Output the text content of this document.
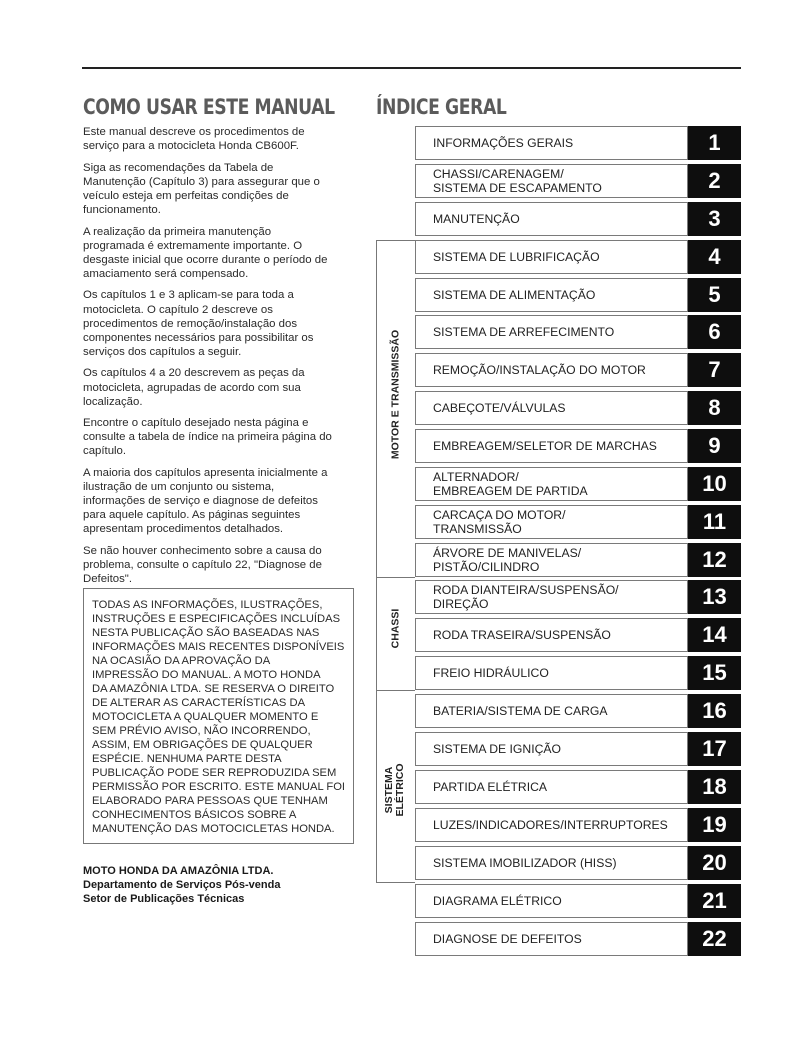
COMO USAR ESTE MANUAL

Este manual descreve os procedimentos de
serviço para a motocicleta Honda CB600F.

Siga as recomendações da Tabela de
Manutenção (Capítulo 3) para assegurar que o
veículo esteja em perfeitas condições de
funcionamento.

A realização da primeira manutenção
programada é extremamente importante. O
desgaste inicial que ocorre durante o período de
amaciamento será compensado.

Os capítulos 1 e 3 aplicam-se para toda a
motocicleta. O capítulo 2 descreve os
procedimentos de remoção/instalação dos
componentes necessários para possibilitar os
serviços dos capítulos a seguir.

Os capítulos 4 a 20 descrevem as peças da
motocicleta, agrupadas de acordo com sua
localização.

Encontre o capítulo desejado nesta página e
consulte a tabela de índice na primeira página do
capítulo.

A maioria dos capítulos apresenta inicialmente a
ilustração de um conjunto ou sistema,
informações de serviço e diagnose de defeitos
para aquele capítulo. As páginas seguintes
apresentam procedimentos detalhados.

Se não houver conhecimento sobre a causa do
problema, consulte o capítulo 22, "Diagnose de
Defeitos".

TODAS AS INFORMAÇÕES, ILUSTRAÇÕES,
INSTRUÇÕES E ESPECIFICAÇÕES INCLUÍDAS
NESTA PUBLICAÇÃO SÃO BASEADAS NAS
INFORMAÇÕES MAIS RECENTES DISPONÍVEIS
NA OCASIÃO DA APROVAÇÃO DA
IMPRESSÃO DO MANUAL. A MOTO HONDA
DA AMAZÔNIA LTDA. SE RESERVA O DIREITO
DE ALTERAR AS CARACTERÍSTICAS DA
MOTOCICLETA A QUALQUER MOMENTO E
SEM PRÉVIO AVISO, NÃO INCORRENDO,
ASSIM, EM OBRIGAÇÕES DE QUALQUER
ESPÉCIE. NENHUMA PARTE DESTA
PUBLICAÇÃO PODE SER REPRODUZIDA SEM
PERMISSÃO POR ESCRITO. ESTE MANUAL FOI
ELABORADO PARA PESSOAS QUE TENHAM
CONHECIMENTOS BÁSICOS SOBRE A
MANUTENÇÃO DAS MOTOCICLETAS HONDA.
MOTO HONDA DA AMAZÔNIA LTDA.
Departamento de Serviços Pós-venda
Setor de Publicações Técnicas
ÍNDICE GERAL
INFORMAÇÕES GERAIS	1
CHASSI/CARENAGEM/
SISTEMA DE ESCAPAMENTO	2
MANUTENÇÃO	3
SISTEMA DE LUBRIFICAÇÃO	4
SISTEMA DE ALIMENTAÇÃO	5
SISTEMA DE ARREFECIMENTO	6
REMOÇÃO/INSTALAÇÃO DO MOTOR	7
CABEÇOTE/VÁLVULAS	8
EMBREAGEM/SELETOR DE MARCHAS	9
ALTERNADOR/
EMBREAGEM DE PARTIDA	10
CARCAÇA DO MOTOR/
TRANSMISSÃO	11
ÁRVORE DE MANIVELAS/
PISTÃO/CILINDRO	12
RODA DIANTEIRA/SUSPENSÃO/
DIREÇÃO	13
RODA TRASEIRA/SUSPENSÃO	14
FREIO HIDRÁULICO	15
BATERIA/SISTEMA DE CARGA	16
SISTEMA DE IGNIÇÃO	17
PARTIDA ELÉTRICA	18
LUZES/INDICADORES/INTERRUPTORES	19
SISTEMA IMOBILIZADOR (HISS)	20
DIAGRAMA ELÉTRICO	21
DIAGNOSE DE DEFEITOS	22
MOTOR E TRANSMISSÃO
CHASSI
SISTEMA
ELÉTRICO
